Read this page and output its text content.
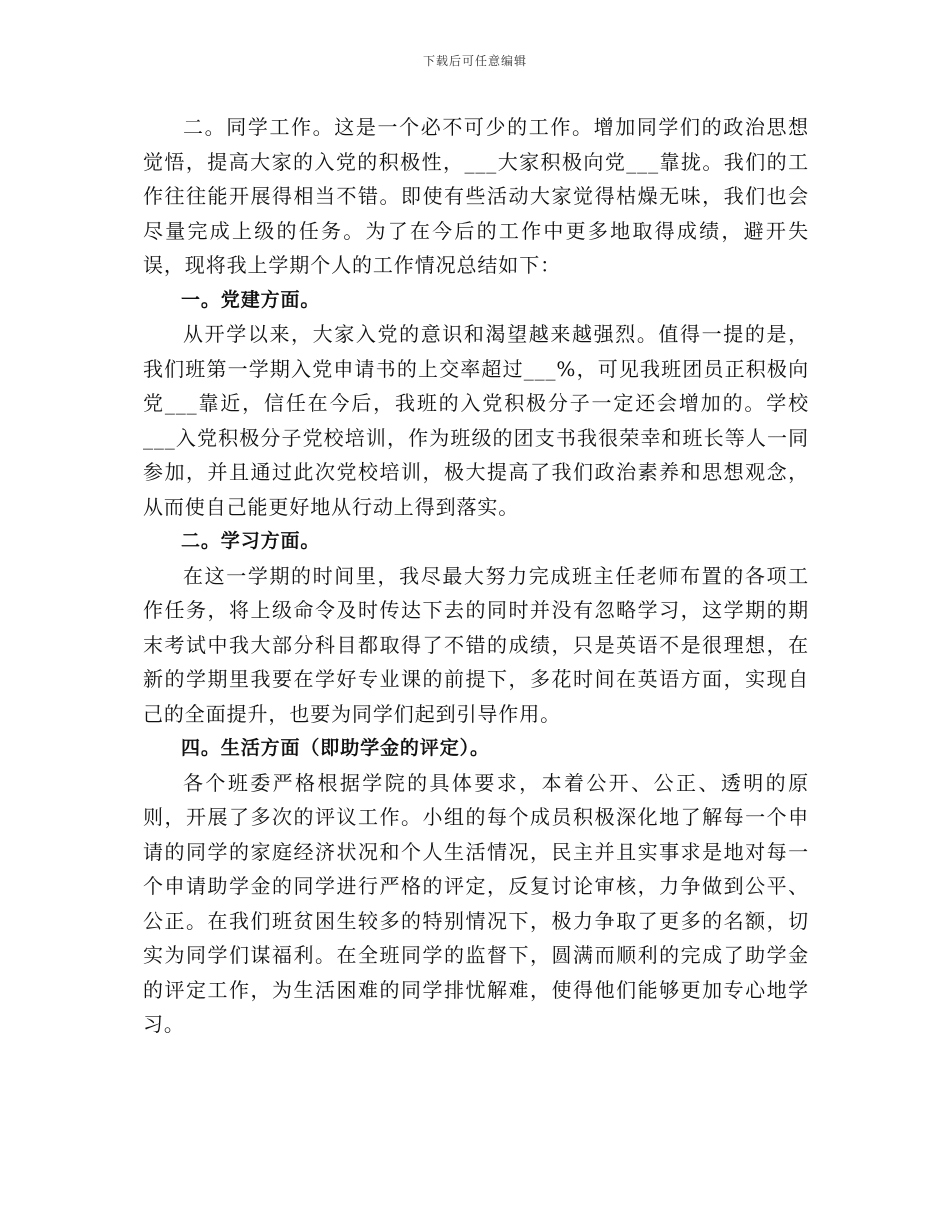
下载后可任意编辑

二。同学工作。这是一个必不可少的工作。增加同学们的政治思想觉悟，提高大家的入党的积极性，___大家积极向党___靠拢。我们的工作往往能开展得相当不错。即使有些活动大家觉得枯燥无味，我们也会尽量完成上级的任务。为了在今后的工作中更多地取得成绩，避开失误，现将我上学期个人的工作情况总结如下：

一。党建方面。

从开学以来，大家入党的意识和渴望越来越强烈。值得一提的是，我们班第一学期入党申请书的上交率超过___%，可见我班团员正积极向党___靠近，信任在今后，我班的入党积极分子一定还会增加的。学校___入党积极分子党校培训，作为班级的团支书我很荣幸和班长等人一同参加，并且通过此次党校培训，极大提高了我们政治素养和思想观念，从而使自己能更好地从行动上得到落实。

二。学习方面。

在这一学期的时间里，我尽最大努力完成班主任老师布置的各项工作任务，将上级命令及时传达下去的同时并没有忽略学习，这学期的期末考试中我大部分科目都取得了不错的成绩，只是英语不是很理想，在新的学期里我要在学好专业课的前提下，多花时间在英语方面，实现自己的全面提升，也要为同学们起到引导作用。

四。生活方面（即助学金的评定）。

各个班委严格根据学院的具体要求，本着公开、公正、透明的原则，开展了多次的评议工作。小组的每个成员积极深化地了解每一个申请的同学的家庭经济状况和个人生活情况，民主并且实事求是地对每一个申请助学金的同学进行严格的评定，反复讨论审核，力争做到公平、公正。在我们班贫困生较多的特别情况下，极力争取了更多的名额，切实为同学们谋福利。在全班同学的监督下，圆满而顺利的完成了助学金的评定工作，为生活困难的同学排忧解难，使得他们能够更加专心地学习。
